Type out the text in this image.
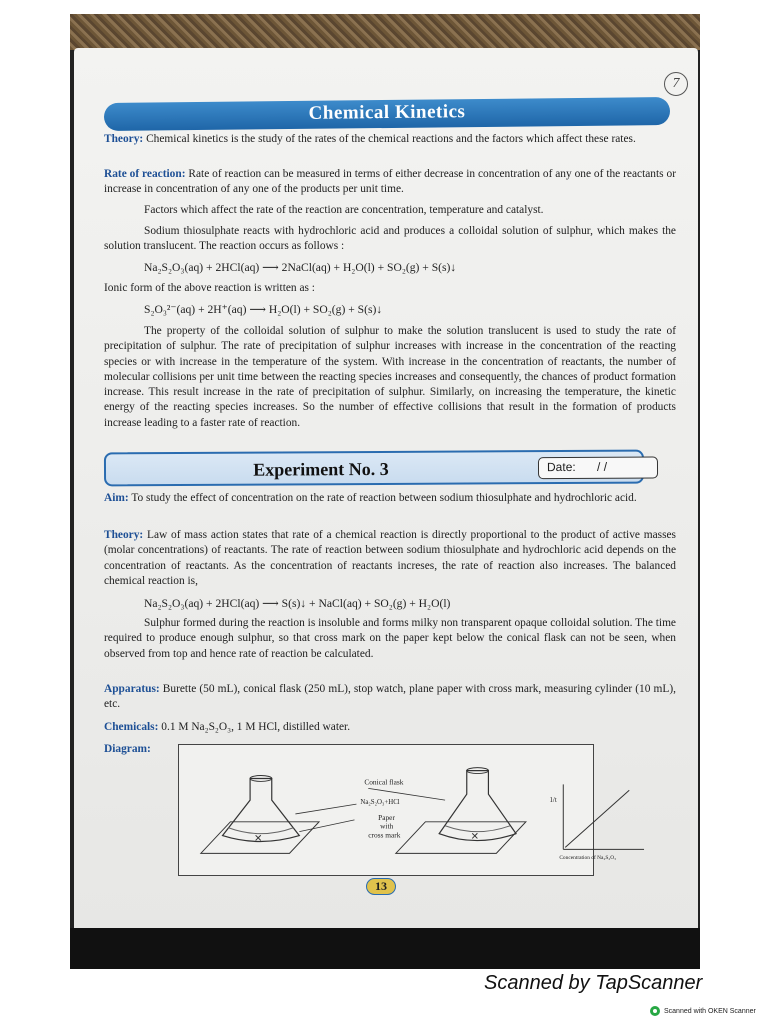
7
Chemical Kinetics
Theory: Chemical kinetics is the study of the rates of the chemical reactions and the factors which affect these rates.
Rate of reaction: Rate of reaction can be measured in terms of either decrease in concentration of any one of the reactants or increase in concentration of any one of the products per unit time.
Factors which affect the rate of the reaction are concentration, temperature and catalyst.
Sodium thiosulphate reacts with hydrochloric acid and produces a colloidal solution of sulphur, which makes the solution translucent. The reaction occurs as follows :
Na₂S₂O₃(aq) + 2HCl(aq) ⟶ 2NaCl(aq) + H₂O(l) + SO₂(g) + S(s)↓
Ionic form of the above reaction is written as :
S₂O₃²⁻(aq) + 2H⁺(aq) ⟶ H₂O(l) + SO₂(g) + S(s)↓
The property of the colloidal solution of sulphur to make the solution translucent is used to study the rate of precipitation of sulphur. The rate of precipitation of sulphur increases with increase in the concentration of the reacting species or with increase in the temperature of the system. With increase in the concentration of reactants, the number of molecular collisions per unit time between the reacting species increases and consequently, the chances of product formation increase. This result increase in the rate of precipitation of sulphur. Similarly, on increasing the temperature, the kinetic energy of the reacting species increases. So the number of effective collisions that result in the formation of products increase leading to a faster rate of reaction.
Experiment No. 3	Date: / /
Aim: To study the effect of concentration on the rate of reaction between sodium thiosulphate and hydrochloric acid.
Theory: Law of mass action states that rate of a chemical reaction is directly proportional to the product of active masses (molar concentrations) of reactants. The rate of reaction between sodium thiosulphate and hydrochloric acid depends on the concentration of reactants. As the concentration of reactants increses, the rate of reaction also increases. The balanced chemical reaction is,
Na₂S₂O₃(aq) + 2HCl(aq) ⟶ S(s)↓ + NaCl(aq) + SO₂(g) + H₂O(l)
Sulphur formed during the reaction is insoluble and forms milky non transparent opaque colloidal solution. The time required to produce enough sulphur, so that cross mark on the paper kept below the conical flask can not be seen, when observed from top and hence rate of reaction be calculated.
Apparatus: Burette (50 mL), conical flask (250 mL), stop watch, plane paper with cross mark, measuring cylinder (10 mL), etc.
Chemicals: 0.1 M Na₂S₂O₃, 1 M HCl, distilled water.
Diagram:
✕	✕
Conical flask
Na₂S₂O₃+HCl
Paper
with
cross mark
1/t
Concentration of Na₂S₂O₃
13
Scanned by TapScanner
Scanned with OKEN Scanner
